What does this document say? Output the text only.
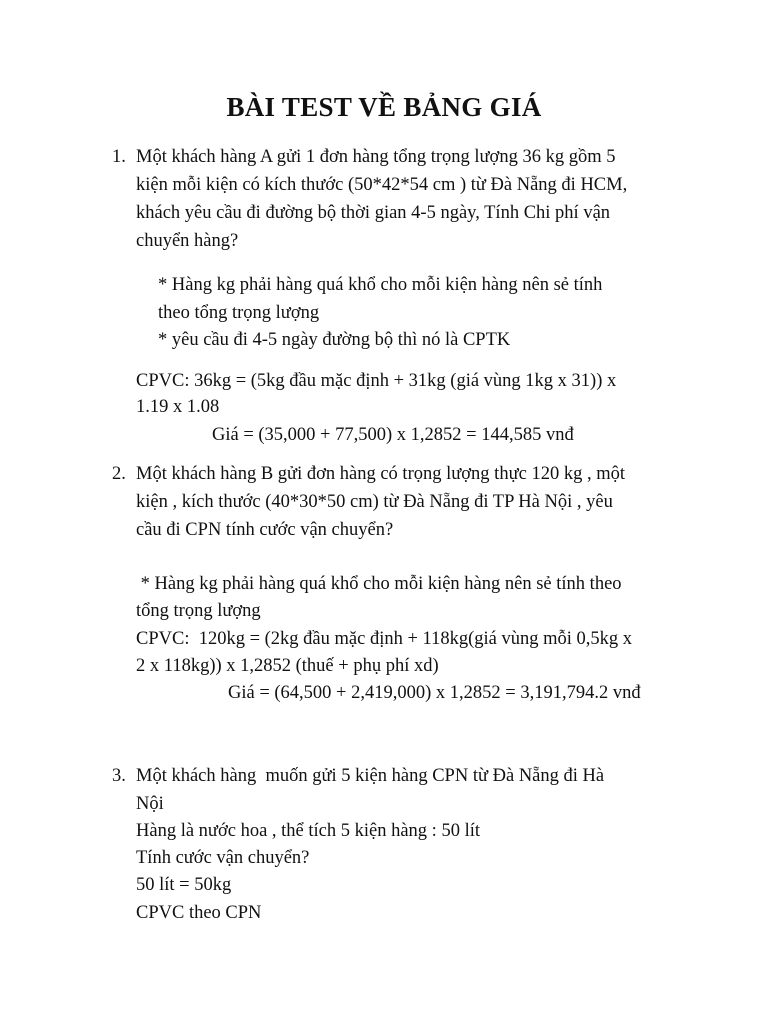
BÀI TEST VỀ BẢNG GIÁ
1. Một khách hàng A gửi 1 đơn hàng tổng trọng lượng 36 kg gồm 5
kiện mỗi kiện có kích thước (50*42*54 cm ) từ Đà Nẵng đi HCM,
khách yêu cầu đi đường bộ thời gian 4-5 ngày, Tính Chi phí vận
chuyển hàng?
* Hàng kg phải hàng quá khổ cho mỗi kiện hàng nên sẻ tính
theo tổng trọng lượng
* yêu cầu đi 4-5 ngày đường bộ thì nó là CPTK
CPVC: 36kg = (5kg đầu mặc định + 31kg (giá vùng 1kg x 31)) x
1.19 x 1.08
Giá = (35,000 + 77,500) x 1,2852 = 144,585 vnđ
2. Một khách hàng B gửi đơn hàng có trọng lượng thực 120 kg , một
kiện , kích thước (40*30*50 cm) từ Đà Nẵng đi TP Hà Nội , yêu
cầu đi CPN tính cước vận chuyển?
* Hàng kg phải hàng quá khổ cho mỗi kiện hàng nên sẻ tính theo
tổng trọng lượng
CPVC:  120kg = (2kg đầu mặc định + 118kg(giá vùng mỗi 0,5kg x
2 x 118kg)) x 1,2852 (thuế + phụ phí xd)
Giá = (64,500 + 2,419,000) x 1,2852 = 3,191,794.2 vnđ
3. Một khách hàng  muốn gửi 5 kiện hàng CPN từ Đà Nẵng đi Hà
Nội
Hàng là nước hoa , thể tích 5 kiện hàng : 50 lít
Tính cước vận chuyển?
50 lít = 50kg
CPVC theo CPN
